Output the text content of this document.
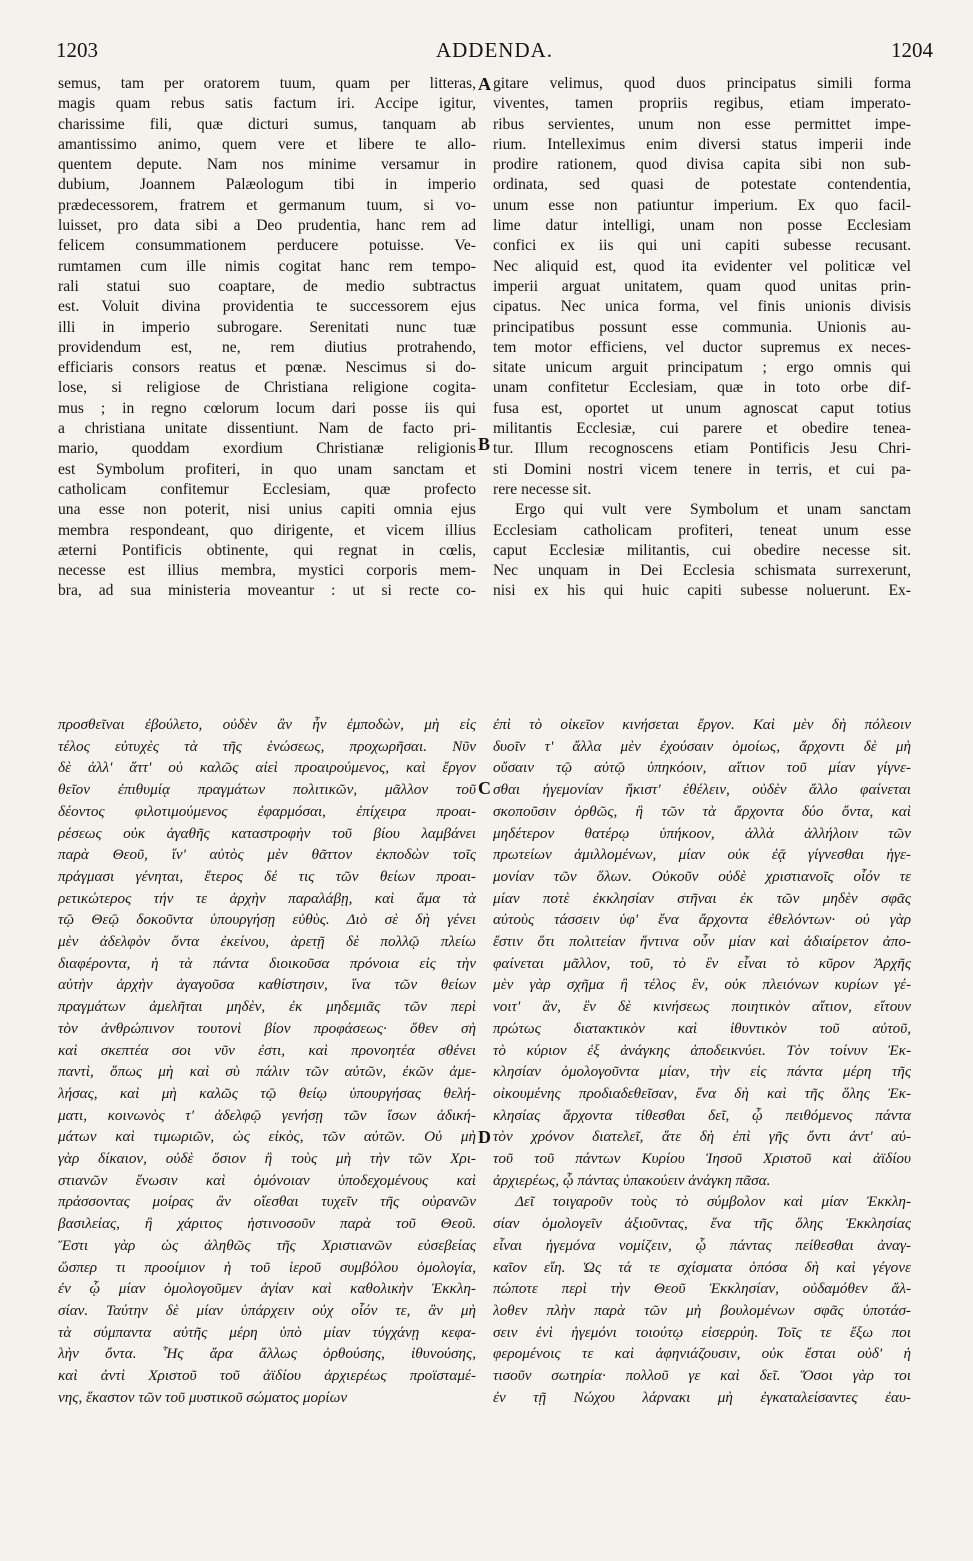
1203	ADDENDA.	1204
A
B
C
D
semus, tam per oratorem tuum, quam per litteras,
magis quam rebus satis factum iri. Accipe igitur,
charissime fili, quæ dicturi sumus, tanquam ab
amantissimo animo, quem vere et libere te allo-
quentem depute. Nam nos minime versamur in
dubium, Joannem Palæologum tibi in imperio
prædecessorem, fratrem et germanum tuum, si vo-
luisset, pro data sibi a Deo prudentia, hanc rem ad
felicem consummationem perducere potuisse. Ve-
rumtamen cum ille nimis cogitat hanc rem tempo-
rali statui suo coaptare, de medio subtractus
est. Voluit divina providentia te successorem ejus
illi in imperio subrogare. Serenitati nunc tuæ
providendum est, ne, rem diutius protrahendo,
efficiaris consors reatus et pœnæ. Nescimus si do-
lose, si religiose de Christiana religione cogita-
mus ; in regno cœlorum locum dari posse iis qui
a christiana unitate dissentiunt. Nam de facto pri-
mario, quoddam exordium Christianæ religionis
est Symbolum profiteri, in quo unam sanctam et
catholicam confitemur Ecclesiam, quæ profecto
una esse non poterit, nisi unius capiti omnia ejus
membra respondeant, quo dirigente, et vicem illius
æterni Pontificis obtinente, qui regnat in cœlis,
necesse est illius membra, mystici corporis mem-
bra, ad sua ministeria moveantur : ut si recte co-
gitare velimus, quod duos principatus simili forma
viventes, tamen propriis regibus, etiam imperato-
ribus servientes, unum non esse permittet impe-
rium. Intelleximus enim diversi status imperii inde
prodire rationem, quod divisa capita sibi non sub-
ordinata, sed quasi de potestate contendentia,
unum esse non patiuntur imperium. Ex quo facil-
lime datur intelligi, unam non posse Ecclesiam
confici ex iis qui uni capiti subesse recusant.
Nec aliquid est, quod ita evidenter vel politicæ vel
imperii arguat unitatem, quam quod unitas prin-
cipatus. Nec unica forma, vel finis unionis divisis
principatibus possunt esse communia. Unionis au-
tem motor efficiens, vel ductor supremus ex neces-
sitate unicum arguit principatum ; ergo omnis qui
unam confitetur Ecclesiam, quæ in toto orbe dif-
fusa est, oportet ut unum agnoscat caput totius
militantis Ecclesiæ, cui parere et obedire tenea-
tur. Illum recognoscens etiam Pontificis Jesu Chri-
sti Domini nostri vicem tenere in terris, et cui pa-
rere necesse sit.
Ergo qui vult vere Symbolum et unam sanctam
Ecclesiam catholicam profiteri, teneat unum esse
caput Ecclesiæ militantis, cui obedire necesse sit.
Nec unquam in Dei Ecclesia schismata surrexerunt,
nisi ex his qui huic capiti subesse noluerunt. Ex-
προσθεῖναι ἐβούλετο, οὐδὲν ἂν ἦν ἐμποδὼν, μὴ εἰς
τέλος εὐτυχὲς τὰ τῆς ἑνώσεως, προχωρῆσαι. Νῦν
δὲ ἀλλ' ἅττ' οὐ καλῶς αἰεὶ προαιρούμενος, καὶ ἔργον
θεῖον ἐπιθυμίᾳ πραγμάτων πολιτικῶν, μᾶλλον τοῦ
δέοντος φιλοτιμούμενος ἐφαρμόσαι, ἐπίχειρα προαι-
ρέσεως οὐκ ἀγαθῆς καταστροφὴν τοῦ βίου λαμβάνει
παρὰ Θεοῦ, ἵν' αὐτὸς μὲν θᾶττον ἐκποδὼν τοῖς
πράγμασι γένηται, ἕτερος δέ τις τῶν θείων προαι-
ρετικώτερος τήν τε ἀρχὴν παραλάβῃ, καὶ ἅμα τὰ
τῷ Θεῷ δοκοῦντα ὑπουργήσῃ εὐθὺς. Διὸ σὲ δὴ γένει
μὲν ἀδελφὸν ὄντα ἐκείνου, ἀρετῇ δὲ πολλῷ πλείω
διαφέροντα, ἡ τὰ πάντα διοικοῦσα πρόνοια εἰς τὴν
αὐτὴν ἀρχὴν ἀγαγοῦσα καθίστησιν, ἵνα τῶν θείων
πραγμάτων ἀμελῆται μηδὲν, ἐκ μηδεμιᾶς τῶν περὶ
τὸν ἀνθρώπινον τουτονὶ βίον προφάσεως· ὅθεν σὴ
καὶ σκεπτέα σοι νῦν ἐστι, καὶ προνοητέα σθένει
παντὶ, ὅπως μὴ καὶ σὺ πάλιν τῶν αὐτῶν, ἐκῶν ἀμε-
λήσας, καὶ μὴ καλῶς τῷ θείῳ ὑπουργήσας θελή-
ματι, κοινωνὸς τ' ἀδελφῷ γενήσῃ τῶν ἴσων ἀδική-
μάτων καὶ τιμωριῶν, ὡς εἰκὸς, τῶν αὐτῶν. Οὐ μὴ
γὰρ δίκαιον, οὐδὲ ὅσιον ἢ τοὺς μὴ τὴν τῶν Χρι-
στιανῶν ἕνωσιν καὶ ὁμόνοιαν ὑποδεχομένους καὶ
πράσσοντας μοίρας ἂν οἴεσθαι τυχεῖν τῆς οὐρανῶν
βασιλείας, ἢ χάριτος ἡστινοσοῦν παρὰ τοῦ Θεοῦ.
Ἔστι γὰρ ὡς ἀληθῶς τῆς Χριστιανῶν εὐσεβείας
ὥσπερ τι προοίμιον ἡ τοῦ ἱεροῦ συμβόλου ὁμολογία,
ἐν ᾧ μίαν ὁμολογοῦμεν ἁγίαν καὶ καθολικὴν Ἐκκλη-
σίαν. Ταύτην δὲ μίαν ὑπάρχειν οὐχ οἷόν τε, ἂν μὴ
τὰ σύμπαντα αὐτῆς μέρη ὑπὸ μίαν τύγχάνῃ κεφα-
λὴν ὄντα. Ἧς ἄρα ἄλλως ὀρθούσης, ἰθυνούσης,
καὶ ἀντὶ Χριστοῦ τοῦ ἀϊδίου ἀρχιερέως προϊσταμέ-
νης, ἕκαστον τῶν τοῦ μυστικοῦ σώματος μορίων
ἐπὶ τὸ οἰκεῖον κινήσεται ἔργον. Καὶ μὲν δὴ πόλεοιν
δυοῖν τ' ἄλλα μὲν ἐχούσαιν ὁμοίως, ἄρχοντι δὲ μὴ
οὔσαιν τῷ αὐτῷ ὑπηκόοιν, αἴτιον τοῦ μίαν γίγνε-
σθαι ἡγεμονίαν ἥκιστ' ἐθέλειν, οὐδὲν ἄλλο φαίνεται
σκοποῦσιν ὀρθῶς, ἢ τῶν τὰ ἄρχοντα δύο ὄντα, καὶ
μηδέτερον θατέρῳ ὑπήκοον, ἀλλὰ ἀλλήλοιν τῶν
πρωτείων ἁμιλλομένων, μίαν οὐκ ἐᾷ γίγνεσθαι ἡγε-
μονίαν τῶν ὅλων. Οὐκοῦν οὐδὲ χριστιανοῖς οἷόν τε
μίαν ποτὲ ἐκκλησίαν στῆναι ἐκ τῶν μηδὲν σφᾶς
αὐτοὺς τάσσειν ὑφ' ἕνα ἄρχοντα ἐθελόντων· οὐ γὰρ
ἔστιν ὅτι πολιτείαν ἥντινα οὖν μίαν καὶ ἀδιαίρετον ἀπο-
φαίνεται μᾶλλον, τοῦ, τὸ ἓν εἶναι τὸ κῦρον Ἀρχῆς
μὲν γὰρ σχῆμα ἢ τέλος ἓν, οὐκ πλειόνων κυρίων γέ-
νοιτ' ἂν, ἓν δὲ κινήσεως ποιητικὸν αἴτιον, εἴτουν
πρώτως διατακτικὸν καὶ ἰθυντικὸν τοῦ αὐτοῦ,
τὸ κύριον ἐξ ἀνάγκης ἀποδεικνύει. Τὸν τοίνυν Ἐκ-
κλησίαν ὁμολογοῦντα μίαν, τὴν εἰς πάντα μέρη τῆς
οἰκουμένης προδιαδεθεῖσαν, ἕνα δὴ καὶ τῆς ὅλης Ἐκ-
κλησίας ἄρχοντα τίθεσθαι δεῖ, ᾧ πειθόμενος πάντα
τὸν χρόνον διατελεῖ, ἅτε δὴ ἐπὶ γῆς ὄντι ἀντ' αὐ-
τοῦ τοῦ πάντων Κυρίου Ἰησοῦ Χριστοῦ καὶ ἀϊδίου
ἀρχιερέως, ᾧ πάντας ὑπακούειν ἀνάγκη πᾶσα.
Δεῖ τοιγαροῦν τοὺς τὸ σύμβολον καὶ μίαν Ἐκκλη-
σίαν ὁμολογεῖν ἀξιοῦντας, ἕνα τῆς ὅλης Ἐκκλησίας
εἶναι ἡγεμόνα νομίζειν, ᾧ πάντας πείθεσθαι ἀναγ-
καῖον εἴη. Ὡς τά τε σχίσματα ὁπόσα δὴ καὶ γέγονε
πώποτε περὶ τὴν Θεοῦ Ἐκκλησίαν, οὐδαμόθεν ἄλ-
λοθεν πλὴν παρὰ τῶν μὴ βουλομένων σφᾶς ὑποτάσ-
σειν ἑνὶ ἡγεμόνι τοιούτῳ εἰσερρύη. Τοῖς τε ἔξω ποι
φερομένοις τε καὶ ἀφηνιάζουσιν, οὐκ ἔσται οὐδ' ἡ
τισοῦν σωτηρία· πολλοῦ γε καὶ δεῖ. Ὅσοι γὰρ τοι
ἐν τῇ Νώχου λάρνακι μὴ ἐγκαταλείσαντες ἐαυ-
